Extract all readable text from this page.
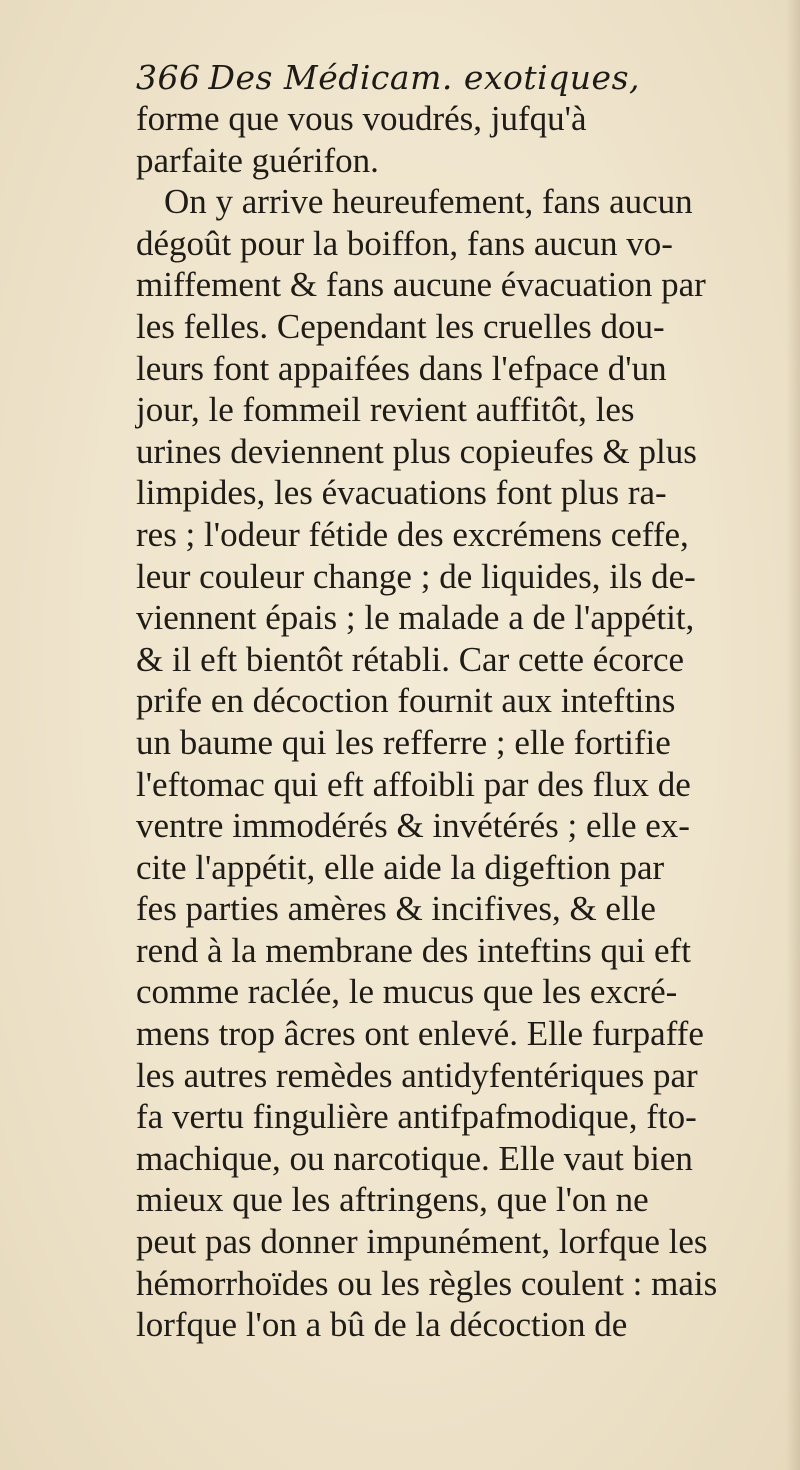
366 Des Médicam. exotiques,
forme que vous voudrés, jufqu'à
parfaite guérifon.
On y arrive heureufement, fans aucun
dégoût pour la boiffon, fans aucun vo-
miffement & fans aucune évacuation par
les felles. Cependant les cruelles dou-
leurs font appaifées dans l'efpace d'un
jour, le fommeil revient auffitôt, les
urines deviennent plus copieufes & plus
limpides, les évacuations font plus ra-
res ; l'odeur fétide des excrémens ceffe,
leur couleur change ; de liquides, ils de-
viennent épais ; le malade a de l'appétit,
& il eft bientôt rétabli. Car cette écorce
prife en décoction fournit aux inteftins
un baume qui les refferre ; elle fortifie
l'eftomac qui eft affoibli par des flux de
ventre immodérés & invétérés ; elle ex-
cite l'appétit, elle aide la digeftion par
fes parties amères & incifives, & elle
rend à la membrane des inteftins qui eft
comme raclée, le mucus que les excré-
mens trop âcres ont enlevé. Elle furpaffe
les autres remèdes antidyfentériques par
fa vertu fingulière antifpafmodique, fto-
machique, ou narcotique. Elle vaut bien
mieux que les aftringens, que l'on ne
peut pas donner impunément, lorfque les
hémorrhoïdes ou les règles coulent : mais
lorfque l'on a bû de la décoction de
